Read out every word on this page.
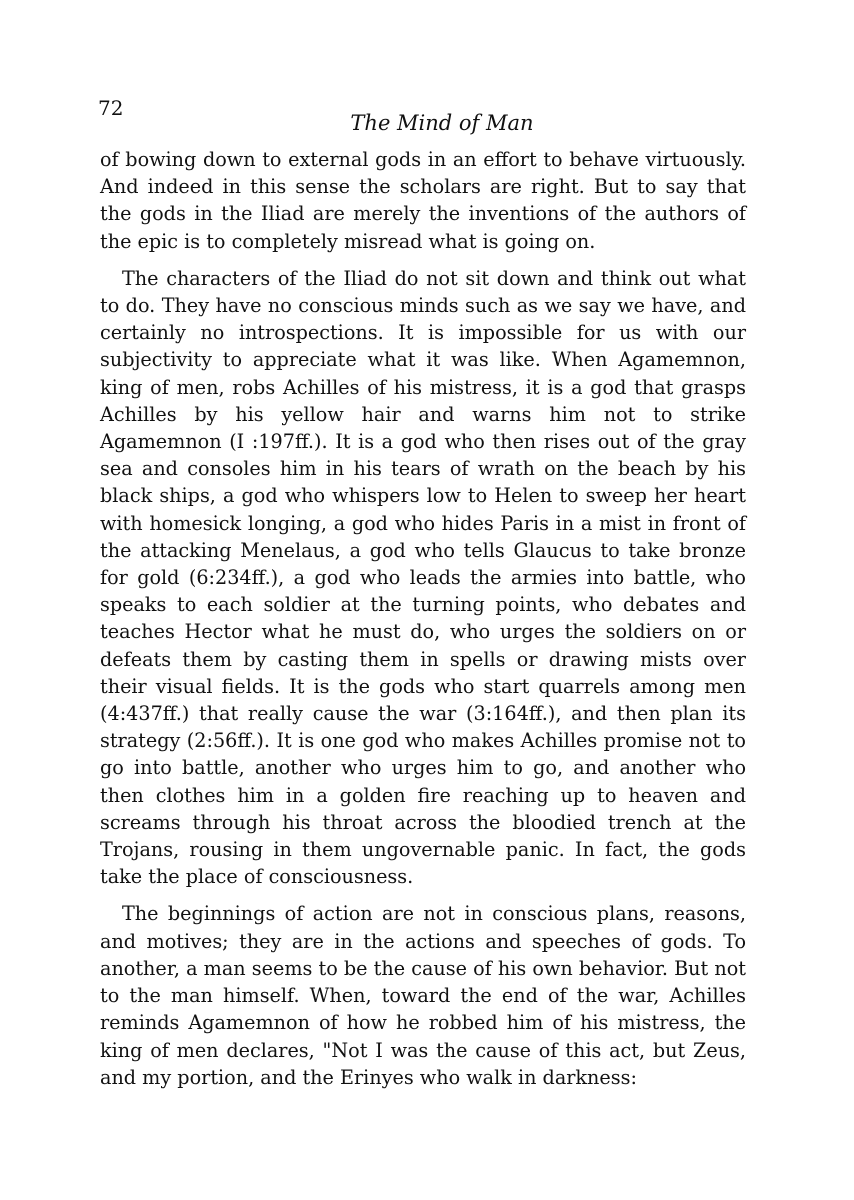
72
The Mind of Man

of bowing down to external gods in an effort to behave virtuously. And indeed in this sense the scholars are right. But to say that the gods in the Iliad are merely the inventions of the authors of the epic is to completely misread what is going on.

The characters of the Iliad do not sit down and think out what to do. They have no conscious minds such as we say we have, and certainly no introspections. It is impossible for us with our subjectivity to appreciate what it was like. When Agamemnon, king of men, robs Achilles of his mistress, it is a god that grasps Achilles by his yellow hair and warns him not to strike Agamemnon (I :197ff.). It is a god who then rises out of the gray sea and consoles him in his tears of wrath on the beach by his black ships, a god who whispers low to Helen to sweep her heart with homesick longing, a god who hides Paris in a mist in front of the attacking Menelaus, a god who tells Glaucus to take bronze for gold (6:234ff.), a god who leads the armies into battle, who speaks to each soldier at the turning points, who debates and teaches Hector what he must do, who urges the soldiers on or defeats them by casting them in spells or drawing mists over their visual fields. It is the gods who start quarrels among men (4:437ff.) that really cause the war (3:164ff.), and then plan its strategy (2:56ff.). It is one god who makes Achilles promise not to go into battle, another who urges him to go, and another who then clothes him in a golden fire reaching up to heaven and screams through his throat across the bloodied trench at the Trojans, rousing in them ungovernable panic. In fact, the gods take the place of consciousness.

The beginnings of action are not in conscious plans, reasons, and motives; they are in the actions and speeches of gods. To another, a man seems to be the cause of his own behavior. But not to the man himself. When, toward the end of the war, Achilles reminds Agamemnon of how he robbed him of his mistress, the king of men declares, "Not I was the cause of this act, but Zeus, and my portion, and the Erinyes who walk in darkness:
